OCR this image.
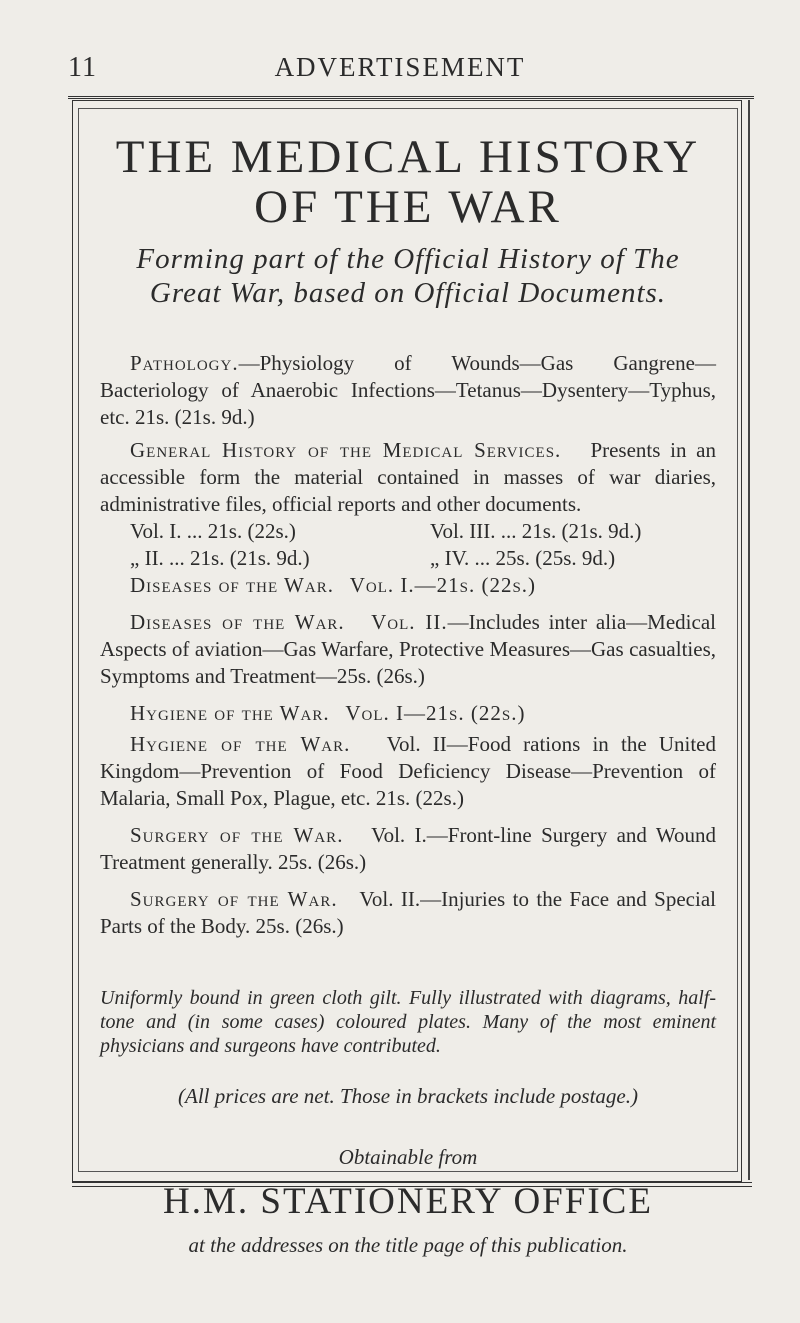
11	ADVERTISEMENT
THE MEDICAL HISTORY
OF THE WAR
Forming part of the Official History of The Great War, based on Official Documents.

Pathology.—Physiology of Wounds—Gas Gangrene—Bacteriology of Anaerobic Infections—Tetanus—Dysentery—Typhus, etc. 21s. (21s. 9d.)

General History of the Medical Services. Presents in an accessible form the material contained in masses of war diaries, administrative files, official reports and other documents.

Vol. I. ... 21s. (22s.)	Vol. III. ... 21s. (21s. 9d.)
„ II. ... 21s. (21s. 9d.)	„ IV. ... 25s. (25s. 9d.)

Diseases of the War. Vol. I.—21s. (22s.)

Diseases of the War. Vol. II.—Includes inter alia—Medical Aspects of aviation—Gas Warfare, Protective Measures—Gas casualties, Symptoms and Treatment—25s. (26s.)

Hygiene of the War. Vol. I—21s. (22s.)

Hygiene of the War. Vol. II—Food rations in the United Kingdom—Prevention of Food Deficiency Disease—Prevention of Malaria, Small Pox, Plague, etc. 21s. (22s.)

Surgery of the War. Vol. I.—Front-line Surgery and Wound Treatment generally. 25s. (26s.)

Surgery of the War. Vol. II.—Injuries to the Face and Special Parts of the Body. 25s. (26s.)

Uniformly bound in green cloth gilt. Fully illustrated with diagrams, half-tone and (in some cases) coloured plates. Many of the most eminent physicians and surgeons have contributed.
(All prices are net. Those in brackets include postage.)
Obtainable from
H.M. STATIONERY OFFICE
at the addresses on the title page of this publication.
